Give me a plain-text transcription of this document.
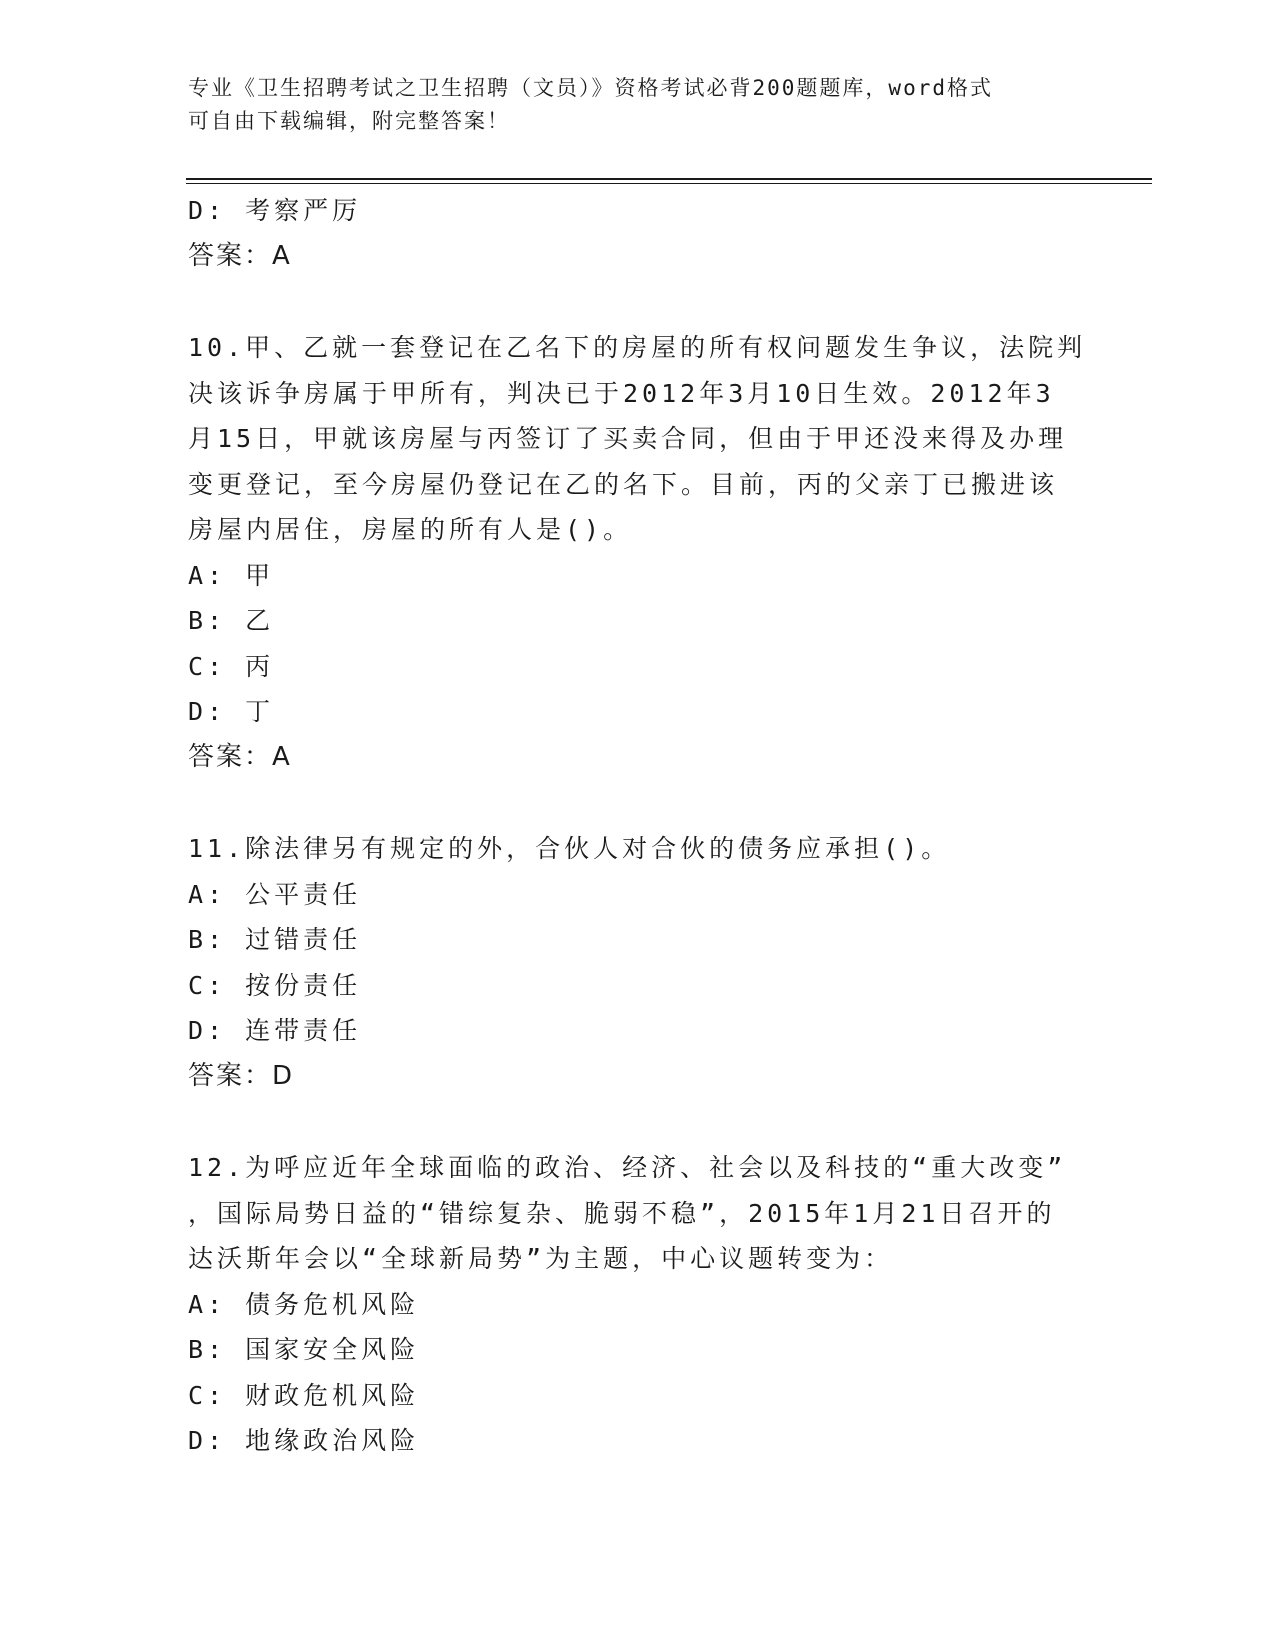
专业《卫生招聘考试之卫生招聘（文员）》资格考试必背200题题库，word格式
可自由下载编辑，附完整答案！
D: 考察严厉
答案：A
10.甲、乙就一套登记在乙名下的房屋的所有权问题发生争议，法院判
决该诉争房属于甲所有，判决已于2012年3月10日生效。2012年3
月15日，甲就该房屋与丙签订了买卖合同，但由于甲还没来得及办理
变更登记，至今房屋仍登记在乙的名下。目前，丙的父亲丁已搬进该
房屋内居住，房屋的所有人是()。
A: 甲
B: 乙
C: 丙
D: 丁
答案：A
11.除法律另有规定的外，合伙人对合伙的债务应承担()。
A: 公平责任
B: 过错责任
C: 按份责任
D: 连带责任
答案：D
12.为呼应近年全球面临的政治、经济、社会以及科技的“重大改变”
，国际局势日益的“错综复杂、脆弱不稳”，2015年1月21日召开的
达沃斯年会以“全球新局势”为主题，中心议题转变为：
A: 债务危机风险
B: 国家安全风险
C: 财政危机风险
D: 地缘政治风险
